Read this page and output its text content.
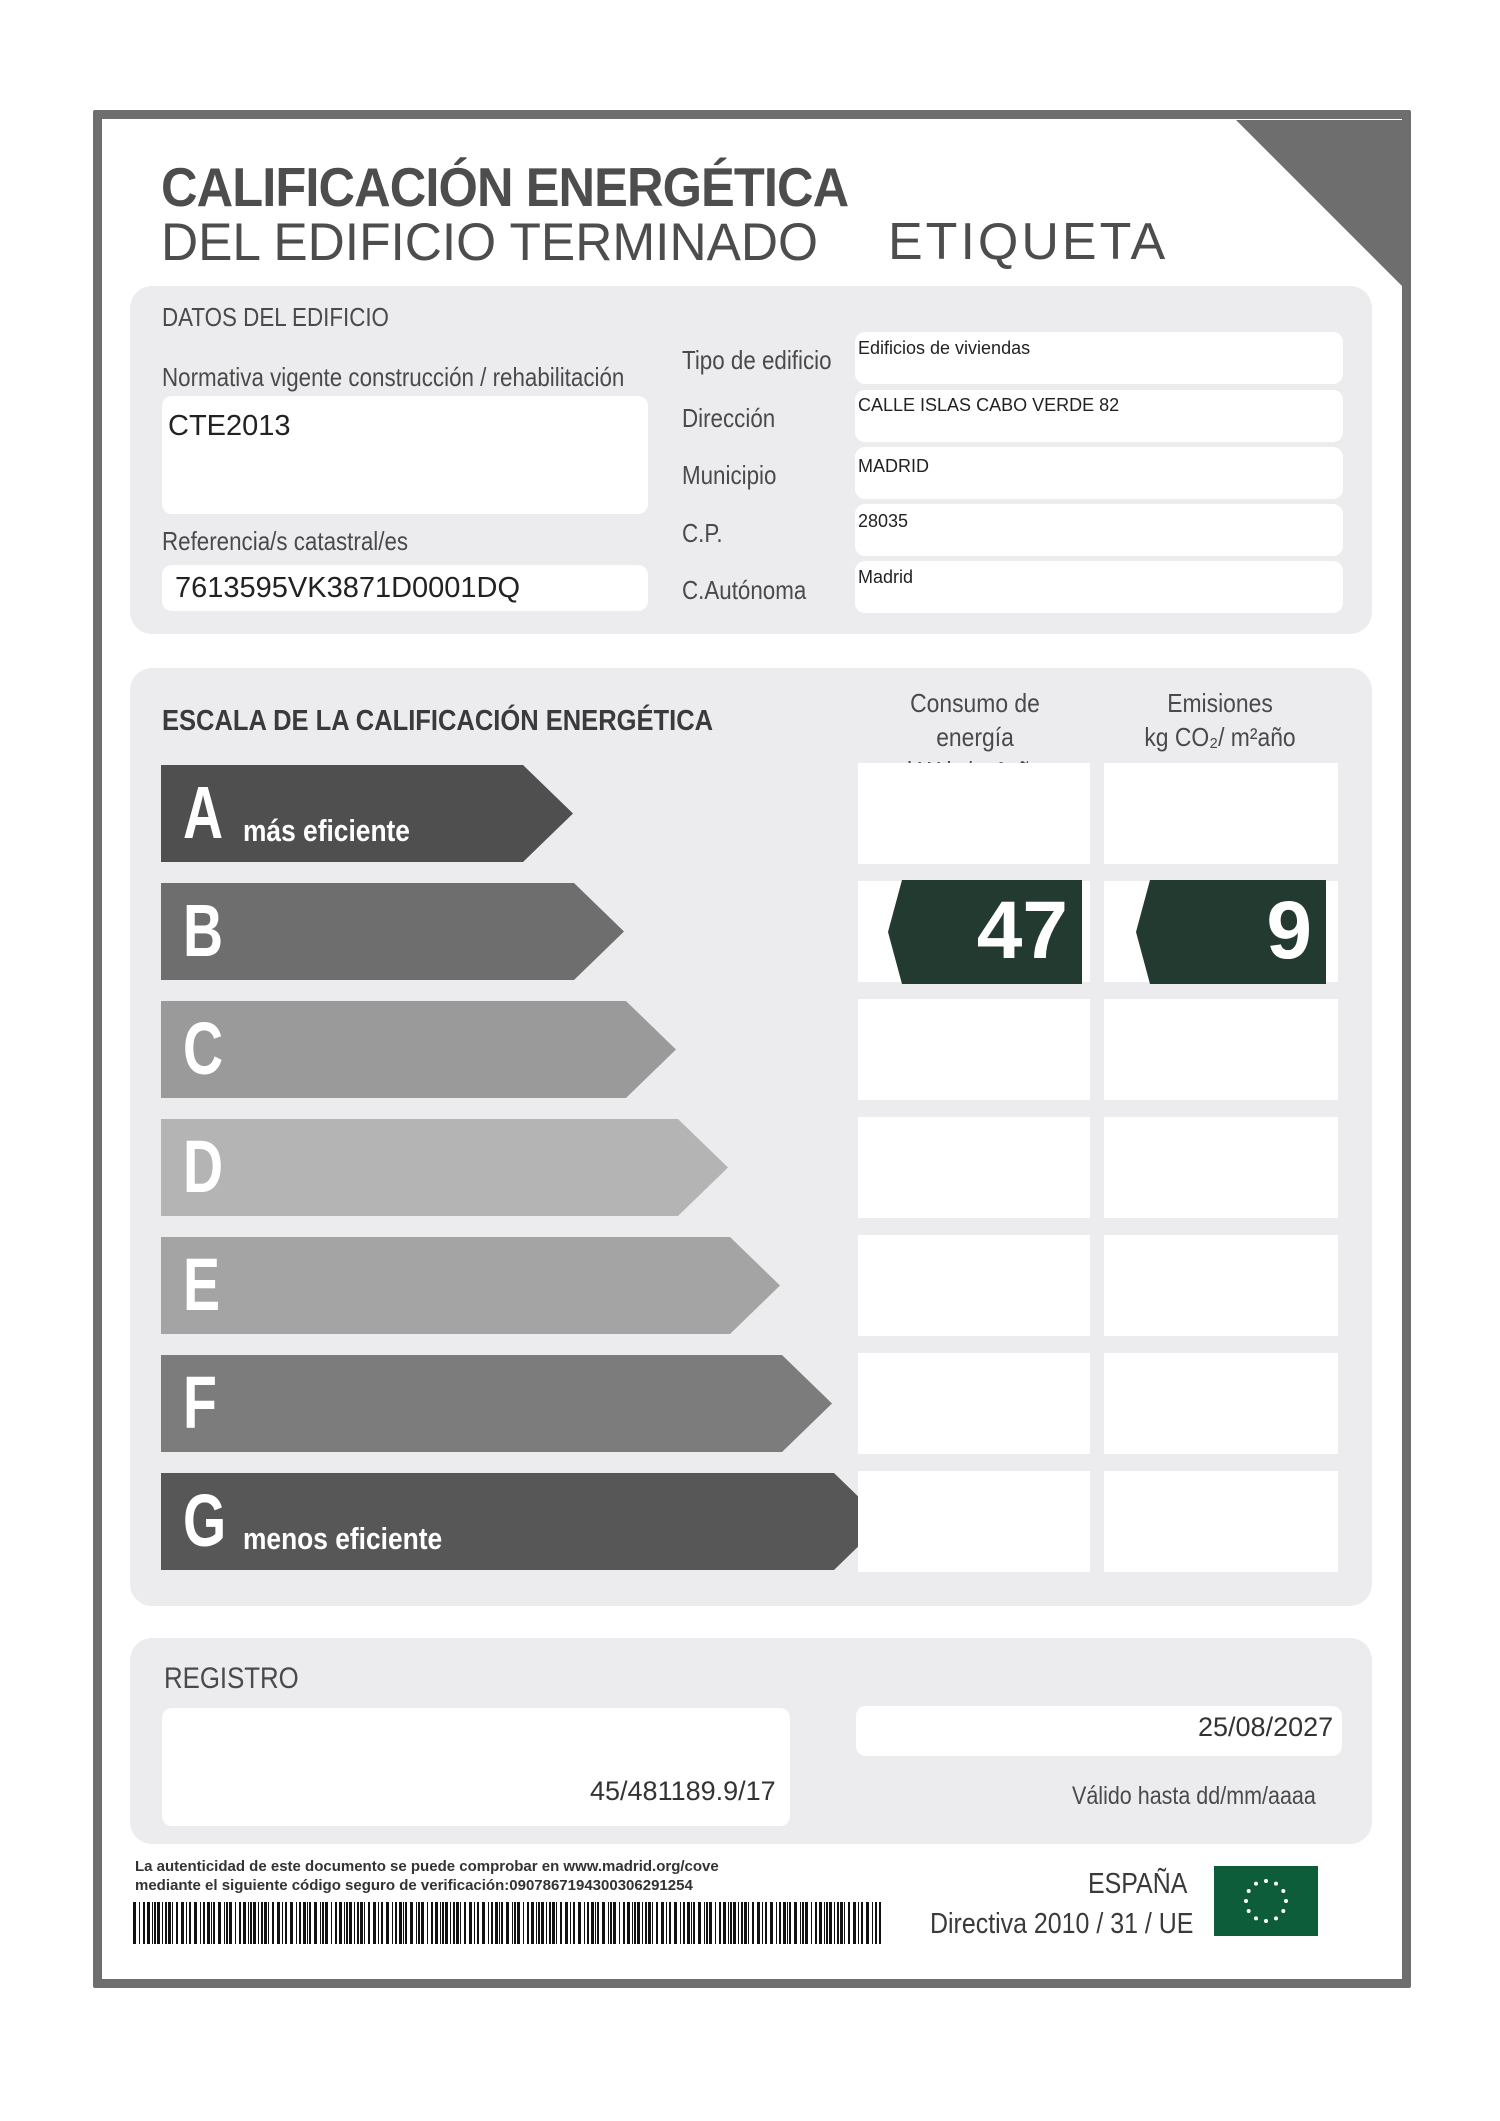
CALIFICACIÓN ENERGÉTICA
DEL EDIFICIO TERMINADO ETIQUETA
DATOS DEL EDIFICIO
Normativa vigente construcción / rehabilitación
CTE2013
Referencia/s catastral/es
7613595VK3871D0001DQ
Tipo de edificio
Dirección
Municipio
C.P.
C.Autónoma
Edificios de viviendas
CALLE ISLAS CABO VERDE 82
MADRID
28035
Madrid
ESCALA DE LA CALIFICACIÓN ENERGÉTICA
Consumo de energía
Emisiones
kg CO₂/ m²año
A más eficiente
B
C
D
E
F
G menos eficiente
47 9
REGISTRO
45/481189.9/17
25/08/2027
Válido hasta dd/mm/aaaa
La autenticidad de este documento se puede comprobar en www.madrid.org/cove
mediante el siguiente código seguro de verificación:0907867194300306291254	ESPAÑA
Directiva 2010 / 31 / UE
